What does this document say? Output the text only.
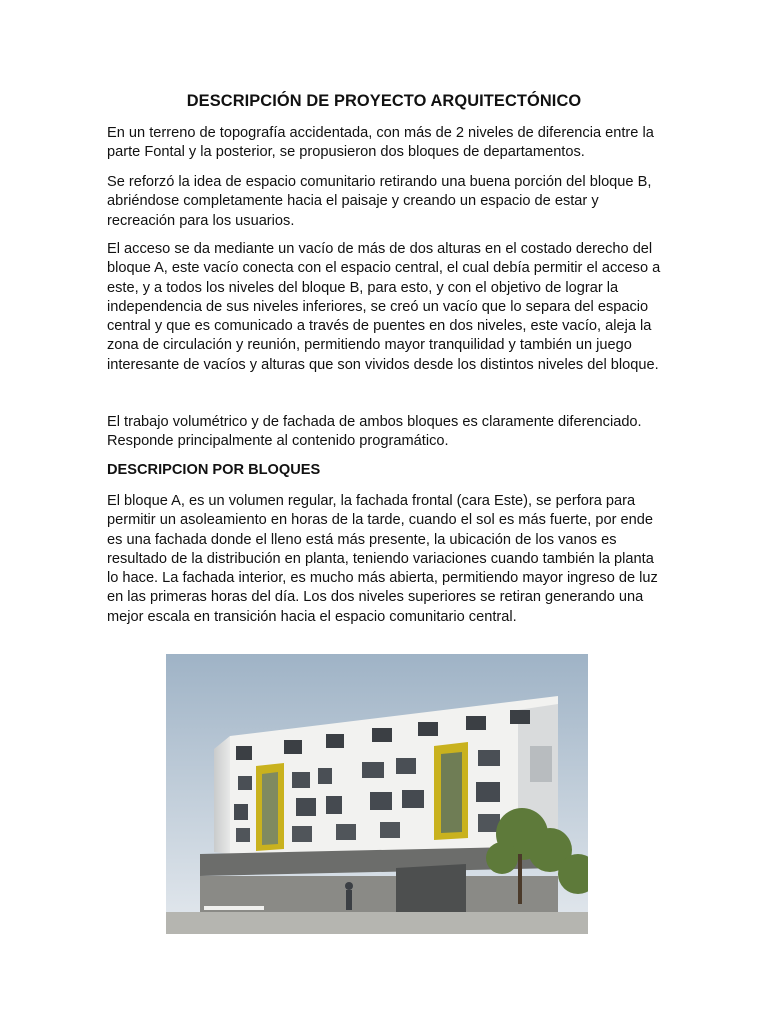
DESCRIPCIÓN DE PROYECTO ARQUITECTÓNICO

En un terreno de topografía accidentada, con más de 2 niveles de diferencia entre la parte Fontal y la posterior, se propusieron dos bloques de departamentos.

Se reforzó la idea de espacio comunitario retirando una buena porción del bloque B, abriéndose completamente hacia el paisaje y creando un espacio de estar y recreación para los usuarios.

El acceso se da mediante un vacío de más de dos alturas en el costado derecho del bloque A, este vacío conecta con el espacio central, el cual debía permitir el acceso a este, y a todos los niveles del bloque B, para esto, y con el objetivo de lograr la independencia de sus niveles inferiores, se creó un vacío que lo separa del espacio central y que es comunicado a través de puentes en dos niveles, este vacío, aleja la zona de circulación y reunión, permitiendo mayor tranquilidad y también un juego interesante de vacíos y alturas que son vividos desde los distintos niveles del bloque.

El trabajo volumétrico y de fachada de ambos bloques es claramente diferenciado. Responde principalmente al contenido programático.

DESCRIPCION POR BLOQUES

El bloque A, es un volumen regular, la fachada frontal (cara Este), se perfora para permitir un asoleamiento en horas de la tarde, cuando el sol es más fuerte, por ende es una fachada donde el lleno está más presente, la ubicación de los vanos es resultado de la distribución en planta, teniendo variaciones cuando también la planta lo hace. La fachada interior, es mucho más abierta, permitiendo mayor ingreso de luz en las primeras horas del día. Los dos niveles superiores se retiran generando una mejor escala en transición hacia el espacio comunitario central.
